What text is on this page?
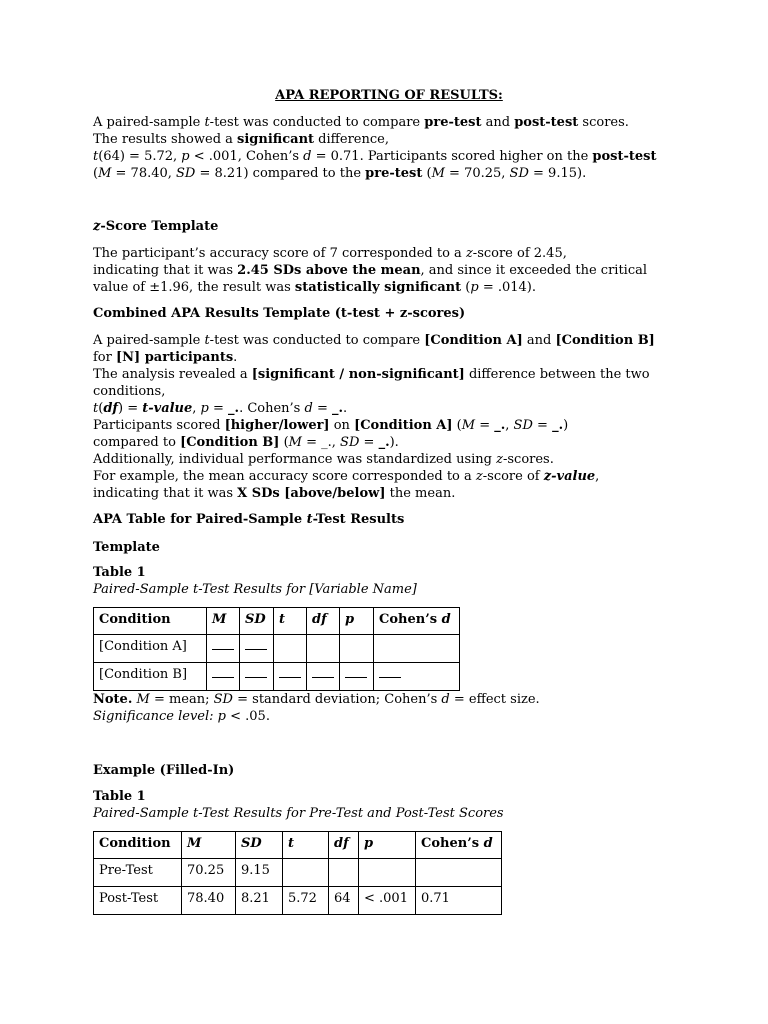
APA REPORTING OF RESULTS:

A paired-sample t-test was conducted to compare pre-test and post-test scores.

The results showed a significant difference,

t(64) = 5.72, p < .001, Cohen’s d = 0.71. Participants scored higher on the post-test

(M = 78.40, SD = 8.21) compared to the pre-test (M = 70.25, SD = 9.15).

z-Score Template

The participant’s accuracy score of 7 corresponded to a z-score of 2.45,

indicating that it was 2.45 SDs above the mean, and since it exceeded the critical

value of ±1.96, the result was statistically significant (p = .014).

Combined APA Results Template (t-test + z-scores)

A paired-sample t-test was conducted to compare [Condition A] and [Condition B]

for [N] participants.

The analysis revealed a [significant / non-significant] difference between the two

conditions,

t(df) = t-value, p = _.. Cohen’s d = _..

Participants scored [higher/lower] on [Condition A] (M = _., SD = _.)

compared to [Condition B] (M = _., SD = _.).

Additionally, individual performance was standardized using z-scores.

For example, the mean accuracy score corresponded to a z-score of z-value,

indicating that it was X SDs [above/below] the mean.

APA Table for Paired-Sample t-Test Results

Template

Table 1

Paired-Sample t-Test Results for [Variable Name]

Condition	M	SD	t	df	p	Cohen’s d
[Condition A]						
[Condition B]						

Note. M = mean; SD = standard deviation; Cohen’s d = effect size.

Significance level: p < .05.

Example (Filled-In)

Table 1

Paired-Sample t-Test Results for Pre-Test and Post-Test Scores

Condition	M	SD	t	df	p	Cohen’s d
Pre-Test	70.25	9.15				
Post-Test	78.40	8.21	5.72	64	< .001	0.71
